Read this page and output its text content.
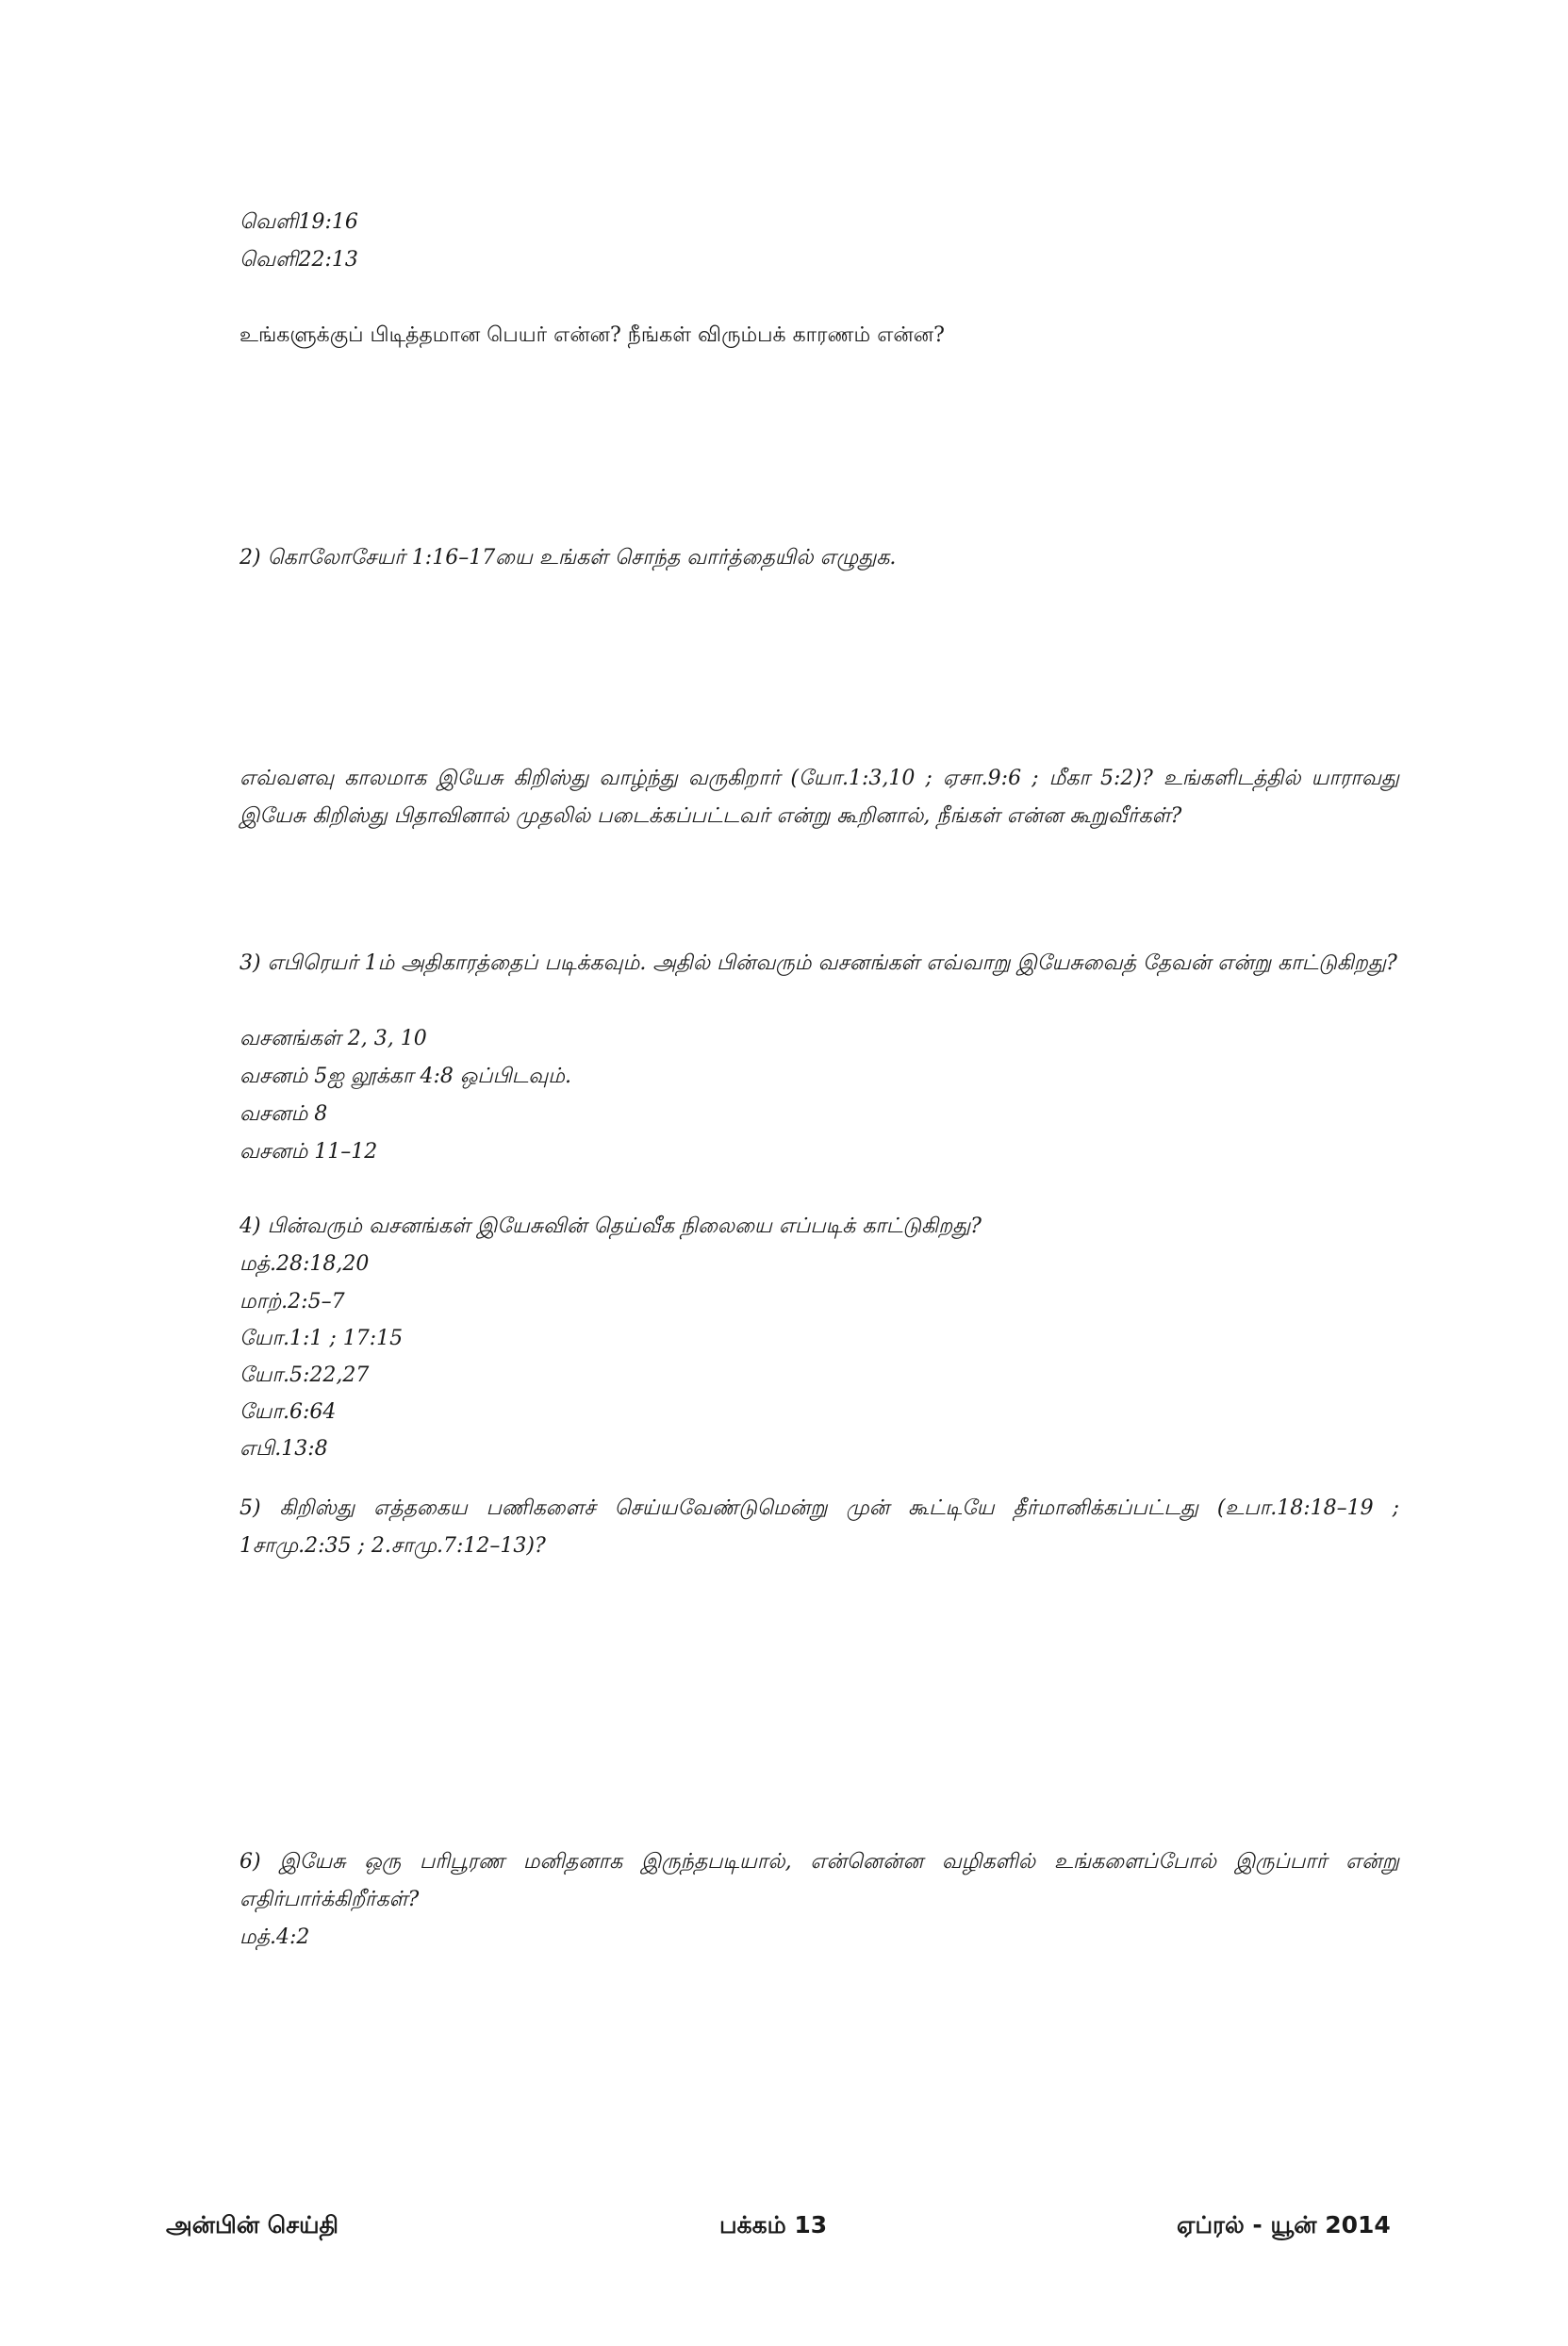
வெளி19:16
வெளி22:13
உங்களுக்குப் பிடித்தமான பெயர் என்ன? நீங்கள் விரும்பக் காரணம் என்ன?
2) கொலோசேயர் 1:16–17யை உங்கள் சொந்த வார்த்தையில் எழுதுக.
எவ்வளவு காலமாக இயேசு கிறிஸ்து வாழ்ந்து வருகிறார் (யோ.1:3,10 ; ஏசா.9:6 ; மீகா 5:2)? உங்களிடத்தில் யாராவது இயேசு கிறிஸ்து பிதாவினால் முதலில் படைக்கப்பட்டவர் என்று கூறினால், நீங்கள் என்ன கூறுவீர்கள்?
3) எபிரெயர் 1ம் அதிகாரத்தைப் படிக்கவும். அதில் பின்வரும் வசனங்கள் எவ்வாறு இயேசுவைத் தேவன் என்று காட்டுகிறது?
வசனங்கள் 2, 3, 10
வசனம் 5ஐ லூக்கா 4:8 ஒப்பிடவும்.
வசனம் 8
வசனம் 11–12
4) பின்வரும் வசனங்கள் இயேசுவின் தெய்வீக நிலையை எப்படிக் காட்டுகிறது?
மத்.28:18,20
மாற்.2:5–7
யோ.1:1 ; 17:15
யோ.5:22,27
யோ.6:64
எபி.13:8
5) கிறிஸ்து எத்தகைய பணிகளைச் செய்யவேண்டுமென்று முன் கூட்டியே தீர்மானிக்கப்பட்டது (உபா.18:18–19 ; 1சாமு.2:35 ; 2.சாமு.7:12–13)?
6) இயேசு ஒரு பரிபூரண மனிதனாக இருந்தபடியால், என்னென்ன வழிகளில் உங்களைப்போல் இருப்பார் என்று எதிர்பார்க்கிறீர்கள்?
மத்.4:2
அன்பின் செய்தி	பக்கம் 13	ஏப்ரல் - யூன் 2014
